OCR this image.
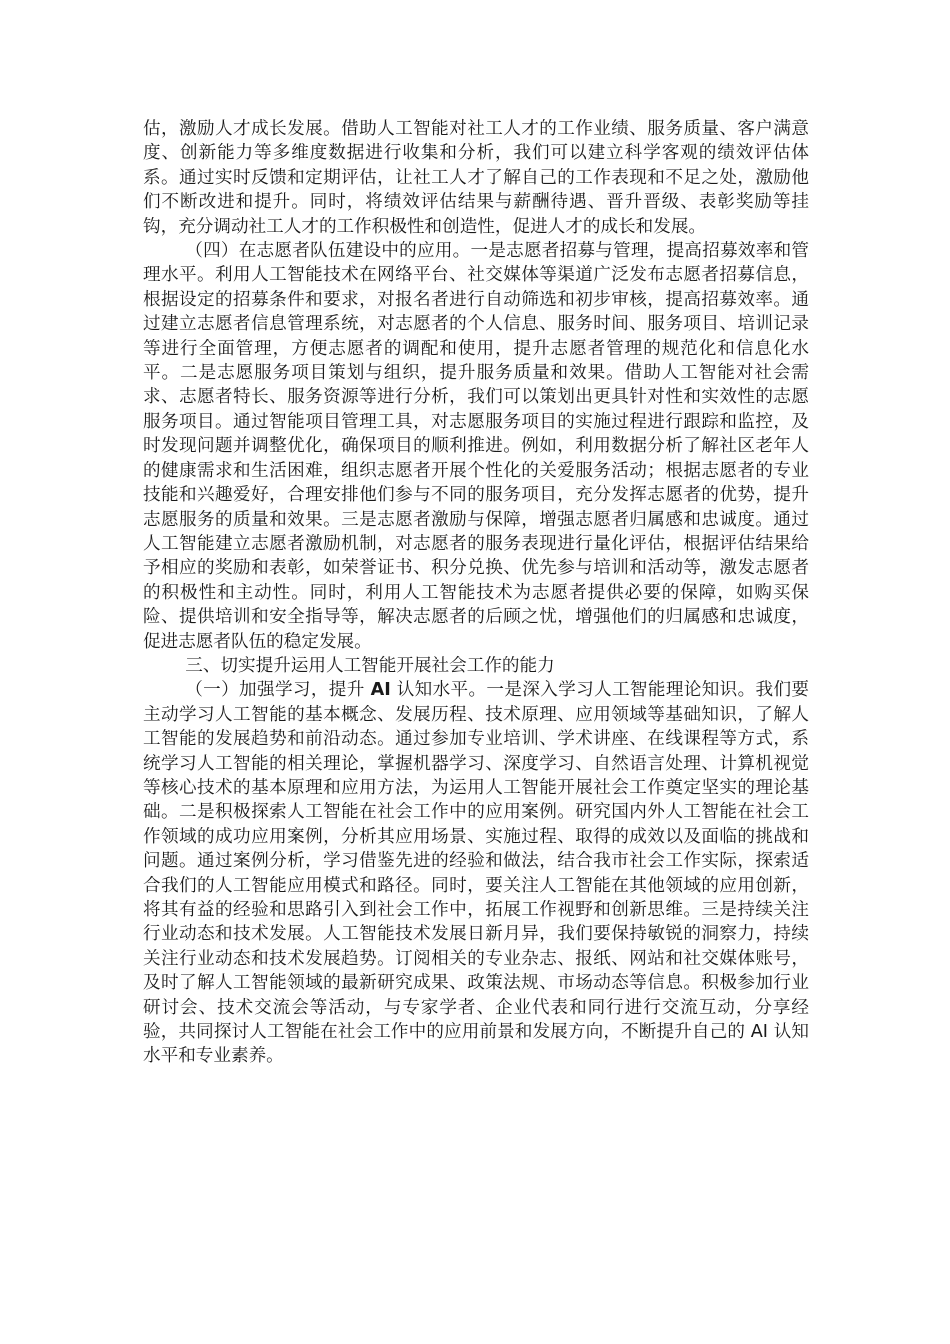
估，激励人才成长发展。借助人工智能对社工人才的工作业绩、服务质量、客户满意度、创新能力等多维度数据进行收集和分析，我们可以建立科学客观的绩效评估体系。通过实时反馈和定期评估，让社工人才了解自己的工作表现和不足之处，激励他们不断改进和提升。同时，将绩效评估结果与薪酬待遇、晋升晋级、表彰奖励等挂钩，充分调动社工人才的工作积极性和创造性，促进人才的成长和发展。

（四）在志愿者队伍建设中的应用。一是志愿者招募与管理，提高招募效率和管理水平。利用人工智能技术在网络平台、社交媒体等渠道广泛发布志愿者招募信息，根据设定的招募条件和要求，对报名者进行自动筛选和初步审核，提高招募效率。通过建立志愿者信息管理系统，对志愿者的个人信息、服务时间、服务项目、培训记录等进行全面管理，方便志愿者的调配和使用，提升志愿者管理的规范化和信息化水平。二是志愿服务项目策划与组织，提升服务质量和效果。借助人工智能对社会需求、志愿者特长、服务资源等进行分析，我们可以策划出更具针对性和实效性的志愿服务项目。通过智能项目管理工具，对志愿服务项目的实施过程进行跟踪和监控，及时发现问题并调整优化，确保项目的顺利推进。例如，利用数据分析了解社区老年人的健康需求和生活困难，组织志愿者开展个性化的关爱服务活动；根据志愿者的专业技能和兴趣爱好，合理安排他们参与不同的服务项目，充分发挥志愿者的优势，提升志愿服务的质量和效果。三是志愿者激励与保障，增强志愿者归属感和忠诚度。通过人工智能建立志愿者激励机制，对志愿者的服务表现进行量化评估，根据评估结果给予相应的奖励和表彰，如荣誉证书、积分兑换、优先参与培训和活动等，激发志愿者的积极性和主动性。同时，利用人工智能技术为志愿者提供必要的保障，如购买保险、提供培训和安全指导等，解决志愿者的后顾之忧，增强他们的归属感和忠诚度，促进志愿者队伍的稳定发展。

三、切实提升运用人工智能开展社会工作的能力

（一）加强学习，提升 AI 认知水平。一是深入学习人工智能理论知识。我们要主动学习人工智能的基本概念、发展历程、技术原理、应用领域等基础知识，了解人工智能的发展趋势和前沿动态。通过参加专业培训、学术讲座、在线课程等方式，系统学习人工智能的相关理论，掌握机器学习、深度学习、自然语言处理、计算机视觉等核心技术的基本原理和应用方法，为运用人工智能开展社会工作奠定坚实的理论基础。二是积极探索人工智能在社会工作中的应用案例。研究国内外人工智能在社会工作领域的成功应用案例，分析其应用场景、实施过程、取得的成效以及面临的挑战和问题。通过案例分析，学习借鉴先进的经验和做法，结合我市社会工作实际，探索适合我们的人工智能应用模式和路径。同时，要关注人工智能在其他领域的应用创新，将其有益的经验和思路引入到社会工作中，拓展工作视野和创新思维。三是持续关注行业动态和技术发展。人工智能技术发展日新月异，我们要保持敏锐的洞察力，持续关注行业动态和技术发展趋势。订阅相关的专业杂志、报纸、网站和社交媒体账号，及时了解人工智能领域的最新研究成果、政策法规、市场动态等信息。积极参加行业研讨会、技术交流会等活动，与专家学者、企业代表和同行进行交流互动，分享经验，共同探讨人工智能在社会工作中的应用前景和发展方向，不断提升自己的 AI 认知水平和专业素养。
